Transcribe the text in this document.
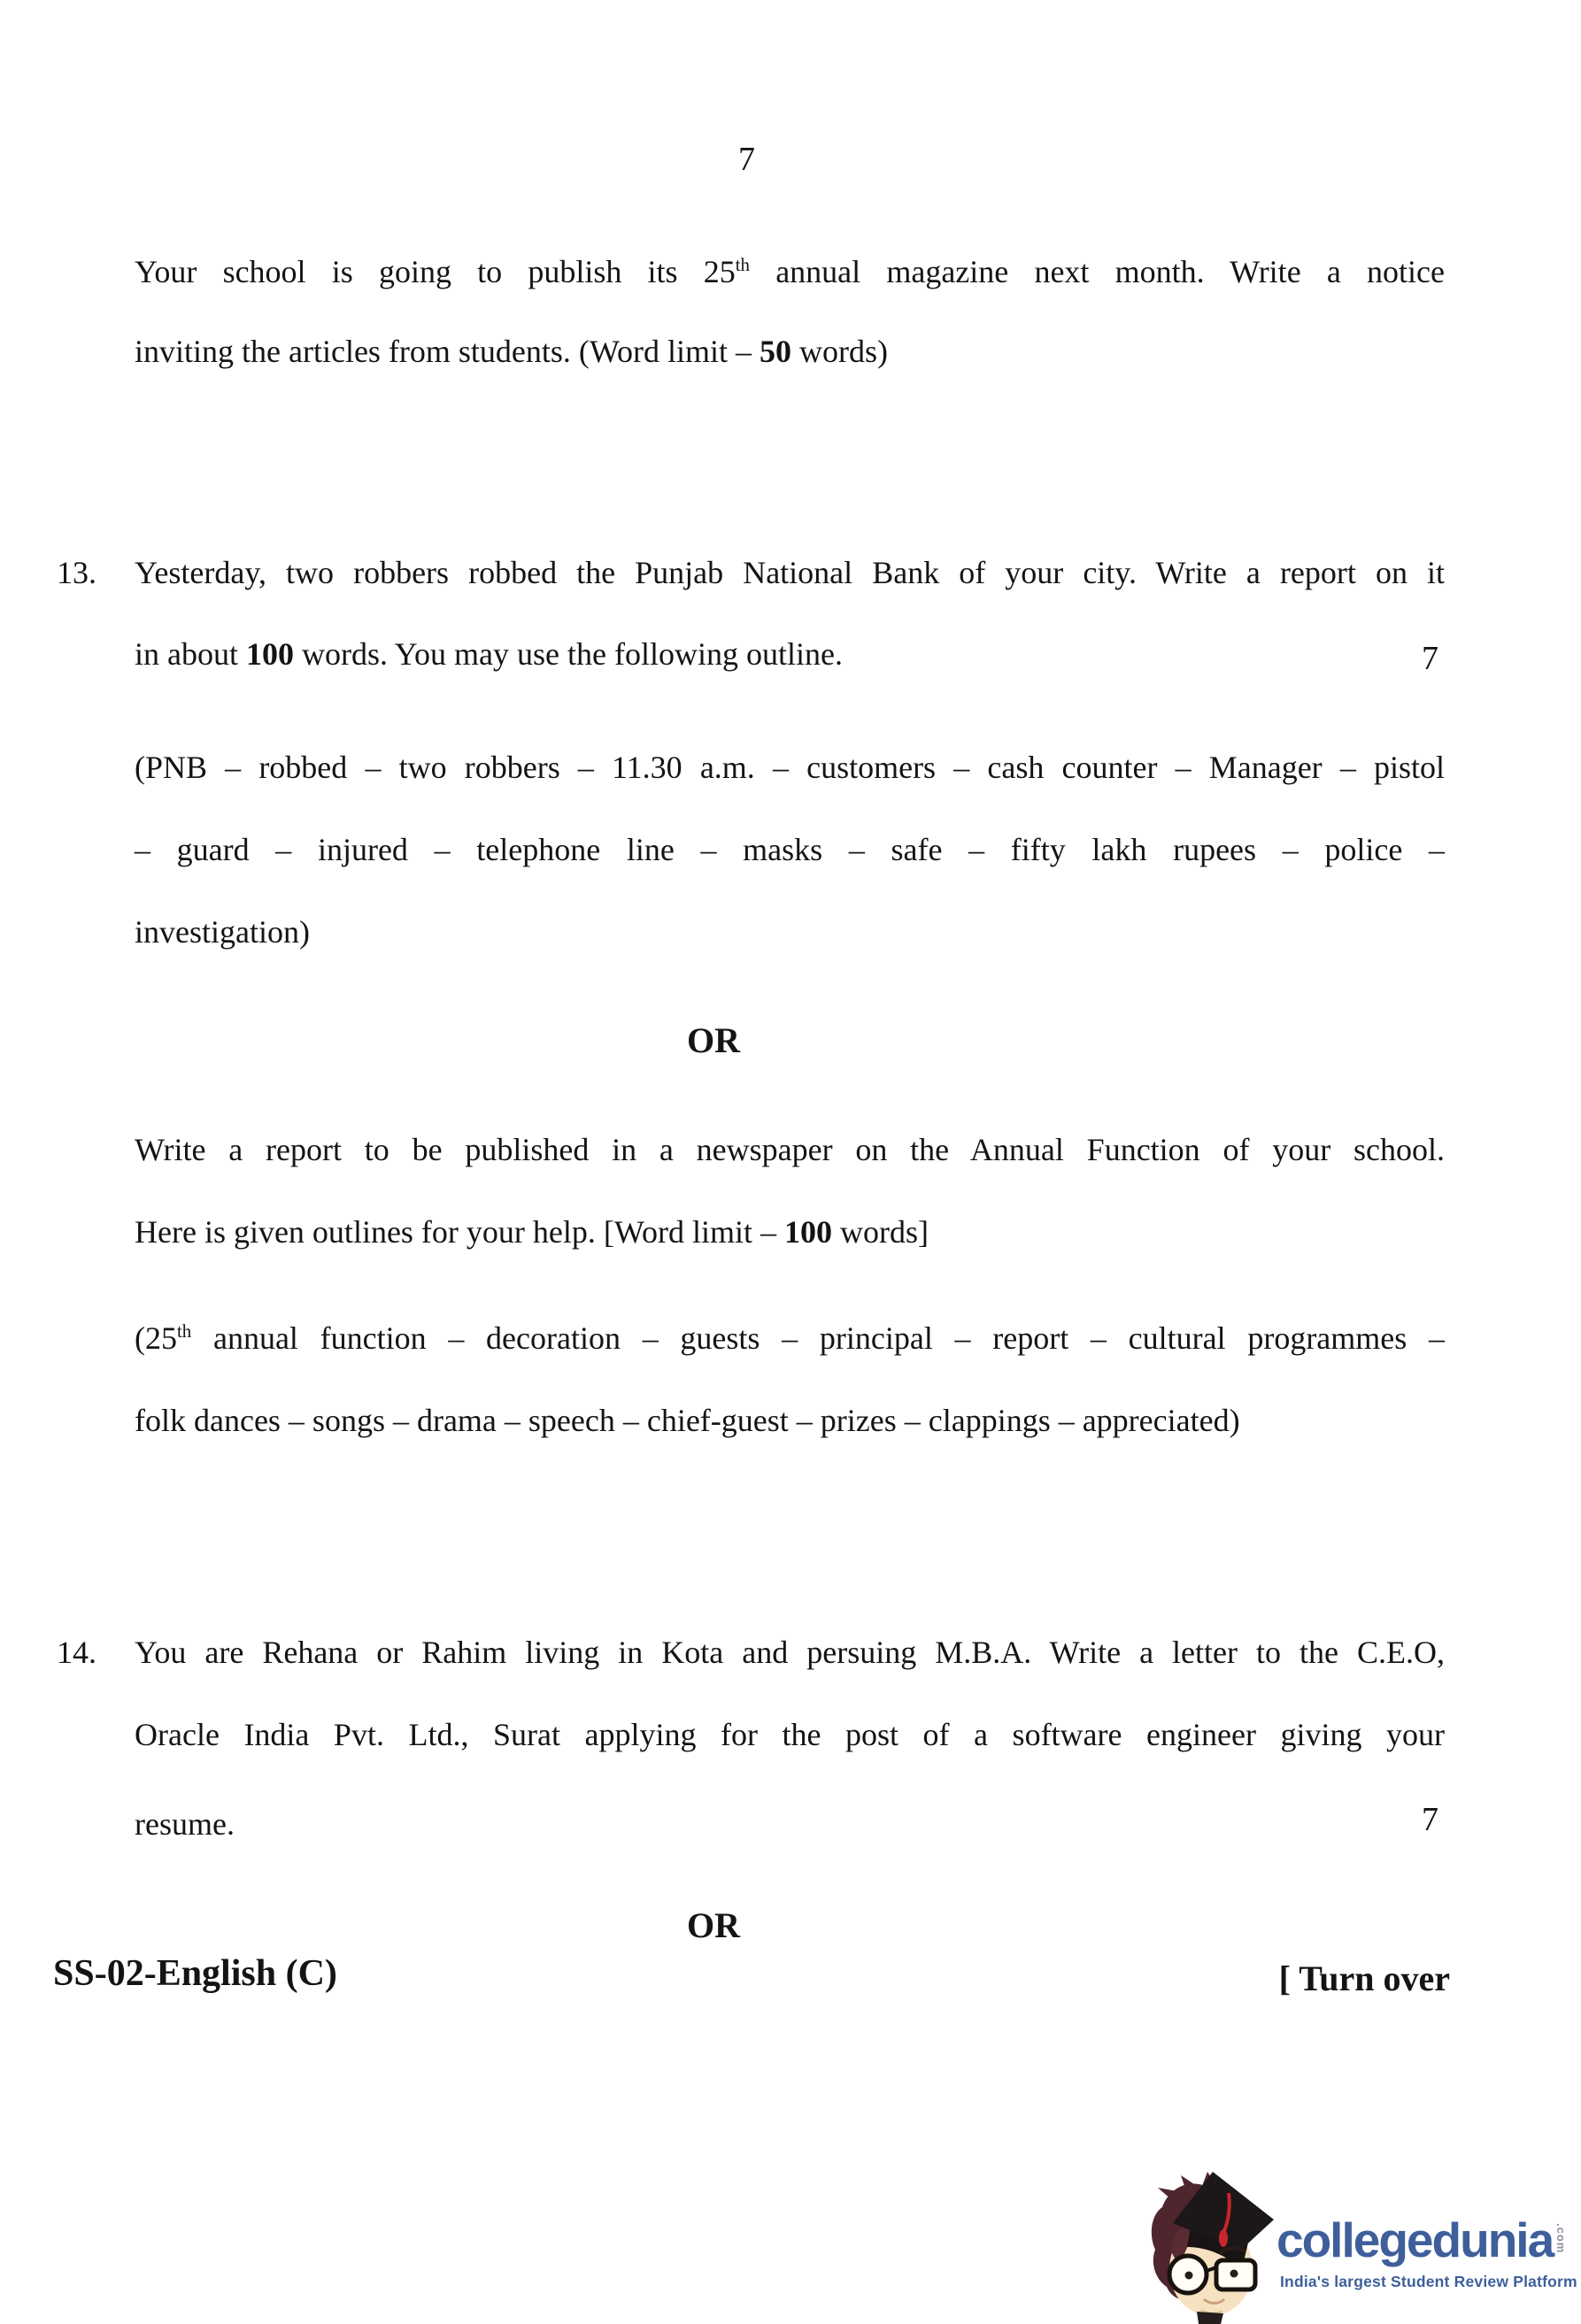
7
Your school is going to publish its 25th annual magazine next month. Write a notice
inviting the articles from students. (Word limit – 50 words)
13. Yesterday, two robbers robbed the Punjab National Bank of your city. Write a report on it
in about 100 words. You may use the following outline.	7
(PNB – robbed – two robbers – 11.30 a.m. – customers – cash counter – Manager – pistol
– guard – injured – telephone line – masks – safe – fifty lakh rupees – police –
investigation)
OR
Write a report to be published in a newspaper on the Annual Function of your school.
Here is given outlines for your help. [Word limit – 100 words]
(25th annual function – decoration – guests – principal – report – cultural programmes –
folk dances – songs – drama – speech – chief-guest – prizes – clappings – appreciated)
14. You are Rehana or Rahim living in Kota and persuing M.B.A. Write a letter to the C.E.O,
Oracle India Pvt. Ltd., Surat applying for the post of a software engineer giving your
resume.	7
OR
SS-02-English (C)	[ Turn over
collegedunia .com
India's largest Student Review Platform
